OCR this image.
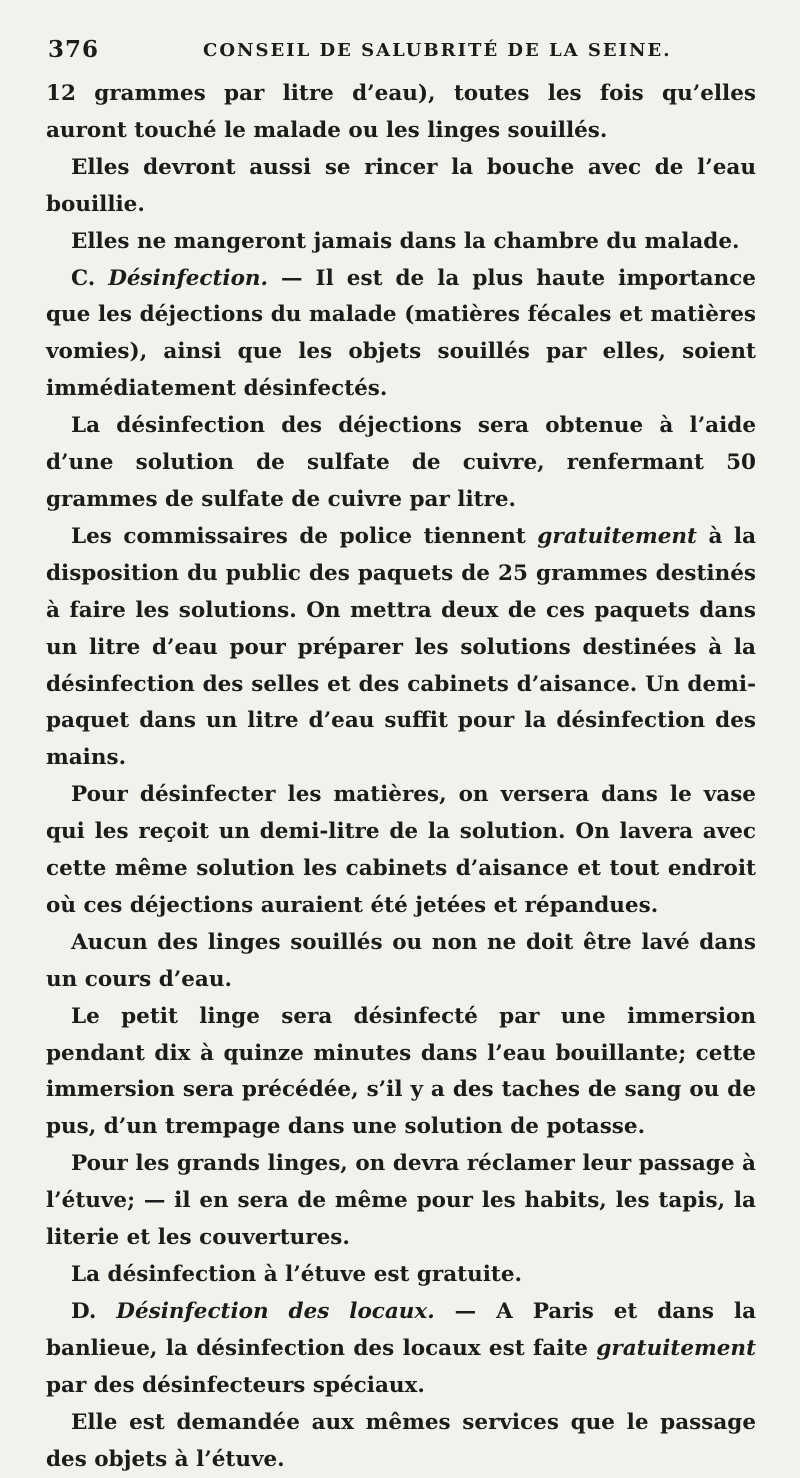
376	CONSEIL DE SALUBRITÉ DE LA SEINE.

12 grammes par litre d’eau), toutes les fois qu’elles auront touché le malade ou les linges souillés.

Elles devront aussi se rincer la bouche avec de l’eau bouillie.

Elles ne mangeront jamais dans la chambre du malade.

C. Désinfection. — Il est de la plus haute importance que les déjections du malade (matières fécales et matières vomies), ainsi que les objets souillés par elles, soient immédiatement désinfectés.

La désinfection des déjections sera obtenue à l’aide d’une solution de sulfate de cuivre, renfermant 50 grammes de sulfate de cuivre par litre.

Les commissaires de police tiennent gratuitement à la disposition du public des paquets de 25 grammes destinés à faire les solutions. On mettra deux de ces paquets dans un litre d’eau pour préparer les solutions destinées à la désinfection des selles et des cabinets d’aisance. Un demi-paquet dans un litre d’eau suffit pour la désinfection des mains.

Pour désinfecter les matières, on versera dans le vase qui les reçoit un demi-litre de la solution. On lavera avec cette même solution les cabinets d’aisance et tout endroit où ces déjections auraient été jetées et répandues.

Aucun des linges souillés ou non ne doit être lavé dans un cours d’eau.

Le petit linge sera désinfecté par une immersion pendant dix à quinze minutes dans l’eau bouillante; cette immersion sera précédée, s’il y a des taches de sang ou de pus, d’un trempage dans une solution de potasse.

Pour les grands linges, on devra réclamer leur passage à l’étuve; — il en sera de même pour les habits, les tapis, la literie et les couvertures.

La désinfection à l’étuve est gratuite.

D. Désinfection des locaux. — A Paris et dans la banlieue, la désinfection des locaux est faite gratuitement par des désinfecteurs spéciaux.

Elle est demandée aux mêmes services que le passage des objets à l’étuve.
